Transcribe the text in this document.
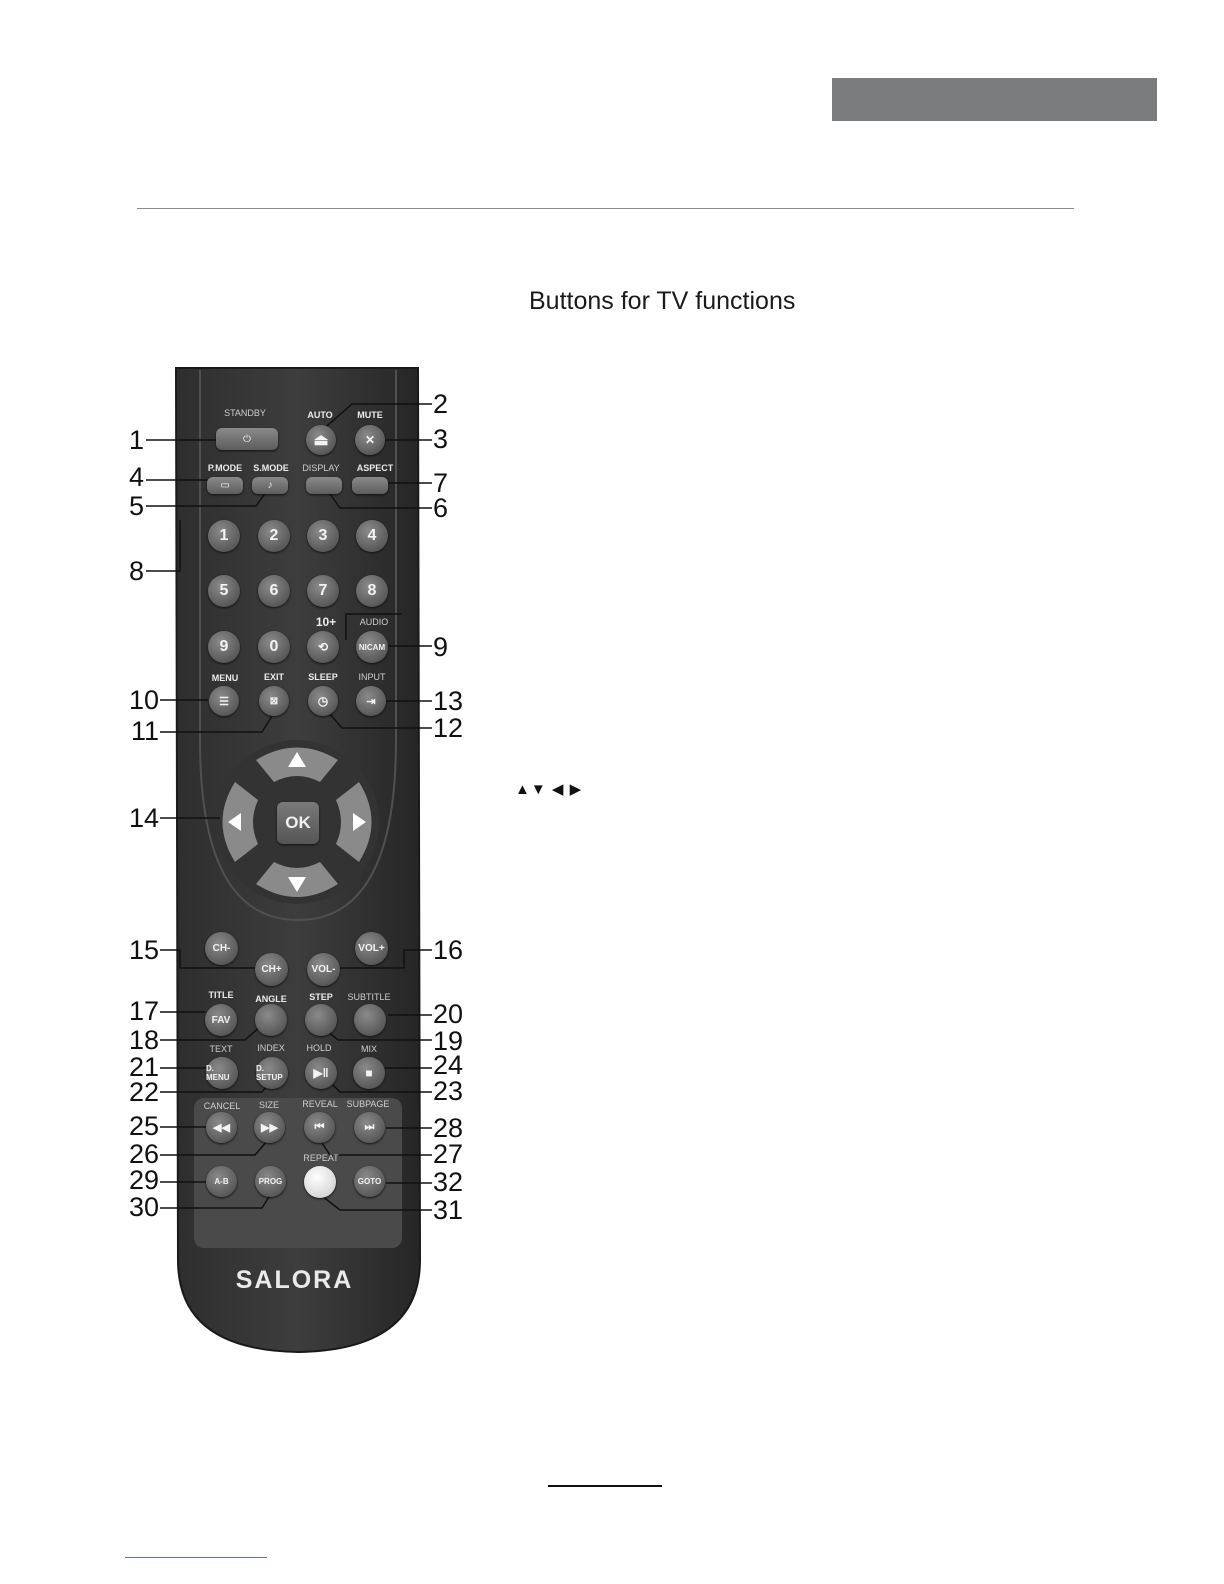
Buttons for TV functions
▲▼ ◀ ▶
STANDBY
⏻
AUTO
⏏
MUTE
✕
P.MODE
▭
S.MODE
♪
DISPLAY	ASPECT
1	2	3	4
5	6	7	8
9	0
10+
⟲
AUDIO
NICAM
MENU
☰
EXIT
⊠
SLEEP
◷
INPUT
⇥
OK
CH-
CH+	VOL-
VOL+
TITLE
FAV
ANGLE	STEP	SUBTITLE
TEXT
D. MENU
INDEX
D. SETUP
HOLD
▶‖
MIX
■
CANCEL
◀◀
SIZE
▶▶
REVEAL
⏮
SUBPAGE
⏭
A-B	PROG
REPEAT
GOTO
SALORA
1
2
3
4
5	6
7
8
9
10
11	12
13
14
15	16
17
18	19
20
21
22	23
24
25
26	27
28
29
30	31
32
